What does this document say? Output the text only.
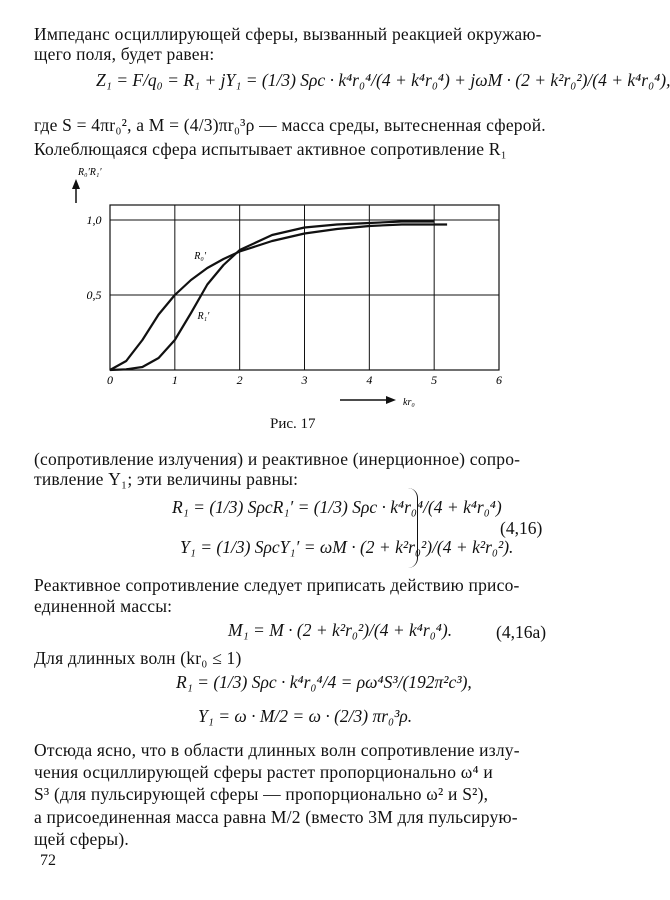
Импеданс осциллирующей сферы, вызванный реакцией окружаю-
щего поля, будет равен:
Z₁ = F/q₀ = R₁ + jY₁ = (1/3) Sρc · k⁴r₀⁴/(4 + k⁴r₀⁴) + jωM · (2 + k²r₀²)/(4 + k⁴r₀⁴),
где S = 4πr₀², а M = (4/3)πr₀³ρ — масса среды, вытесненная сферой.
Колеблющаяся сфера испытывает активное сопротивление R₁
0,5
1,0
0	1	2	3	4	5	6
R₀′R₁′
kr₀
R₀′
R₁′
Рис. 17
(сопротивление излучения) и реактивное (инерционное) сопро-
тивление Y₁; эти величины равны:
R₁ = (1/3) SρcR₁′ = (1/3) Sρc · k⁴r₀⁴/(4 + k⁴r₀⁴)
Y₁ = (1/3) SρcY₁′ = ωM · (2 + k²r₀²)/(4 + k²r₀²).
(4,16)
Реактивное сопротивление следует приписать действию присо-
единенной массы:
M₁ = M · (2 + k²r₀²)/(4 + k⁴r₀⁴).	(4,16а)
Для длинных волн (kr₀ ≤ 1)
R₁ = (1/3) Sρc · k⁴r₀⁴/4 = ρω⁴S³/(192π²c³),
Y₁ = ω · M/2 = ω · (2/3) πr₀³ρ.
Отсюда ясно, что в области длинных волн сопротивление излу-
чения осциллирующей сферы растет пропорционально ω⁴ и
S³ (для пульсирующей сферы — пропорционально ω² и S²),
а присоединенная масса равна M/2 (вместо 3M для пульсирую-
щей сферы).
72
